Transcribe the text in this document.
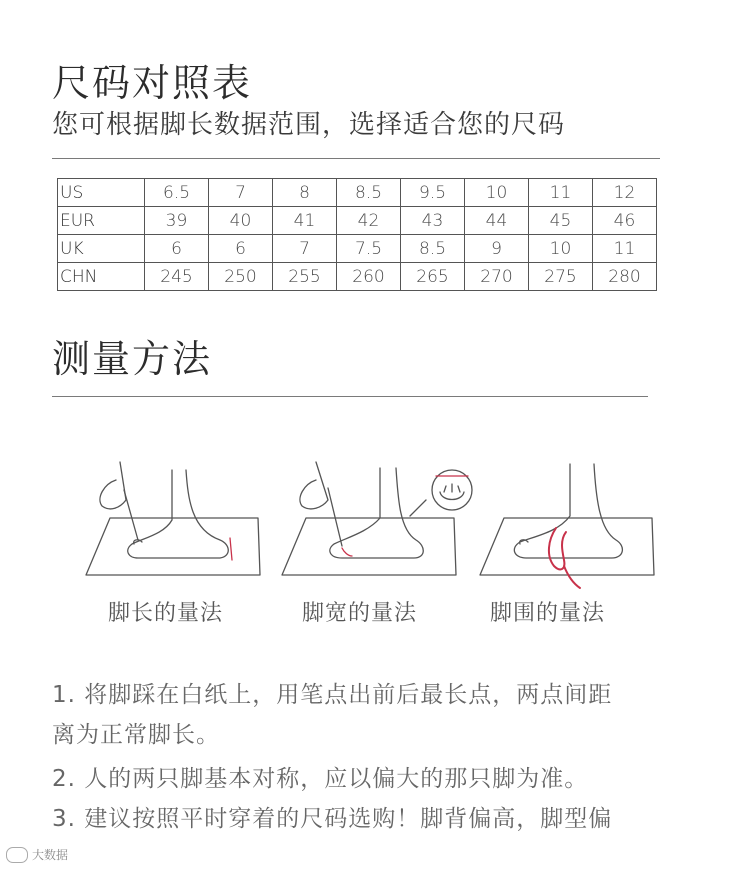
尺码对照表
您可根据脚长数据范围，选择适合您的尺码
US	6.5	7	8	8.5	9.5	10	11	12
EUR	39	40	41	42	43	44	45	46
UK	6	6	7	7.5	8.5	9	10	11
CHN	245	250	255	260	265	270	275	280
测量方法
脚长的量法	脚宽的量法	脚围的量法
1. 将脚踩在白纸上，用笔点出前后最长点，两点间距
离为正常脚长。
2. 人的两只脚基本对称，应以偏大的那只脚为准。
3. 建议按照平时穿着的尺码选购！脚背偏高，脚型偏
大数据
